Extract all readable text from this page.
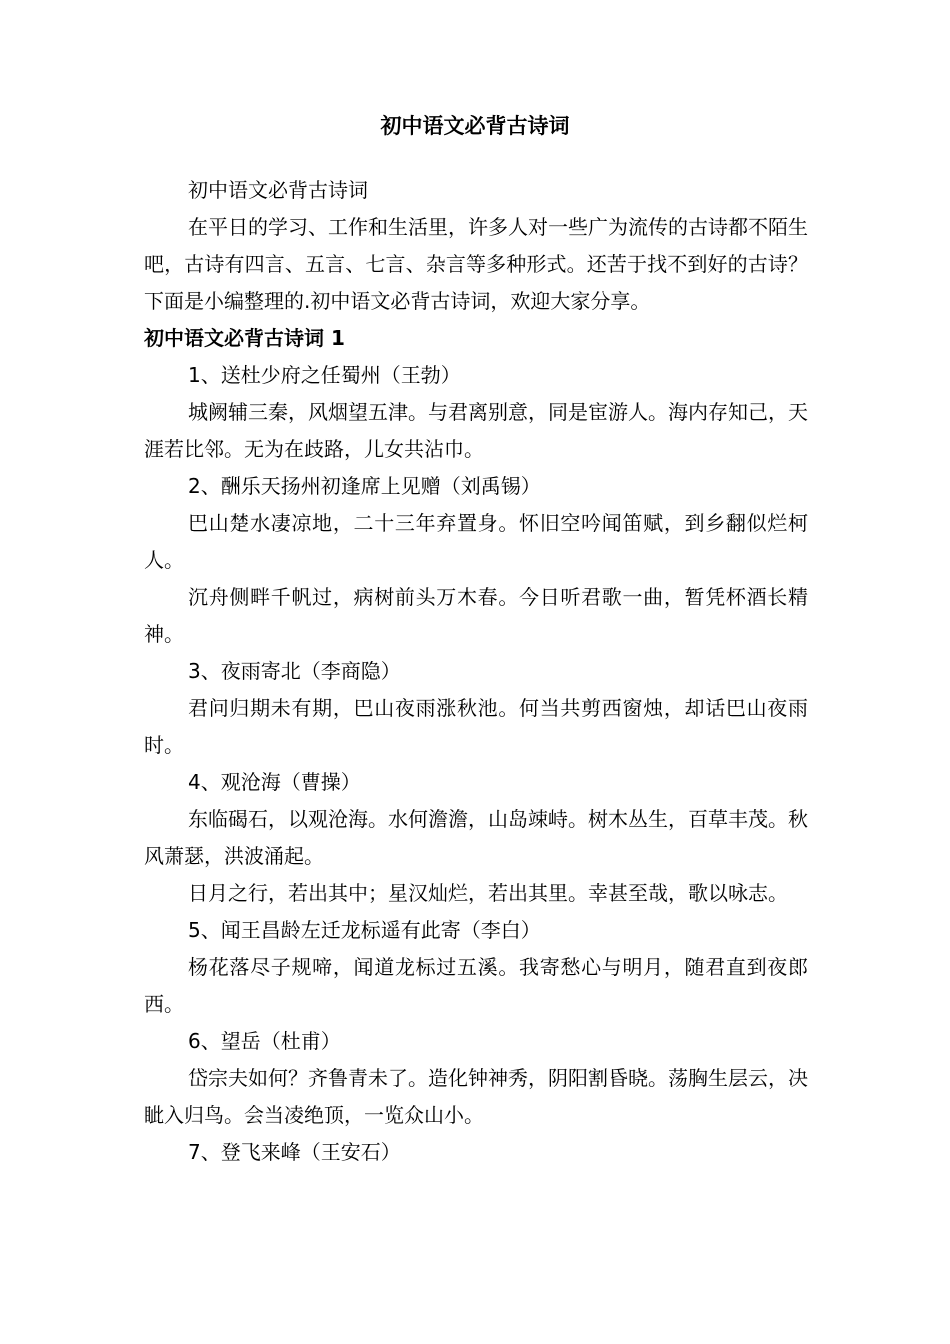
初中语文必背古诗词

初中语文必背古诗词

在平日的学习、工作和生活里，许多人对一些广为流传的古诗都不陌生吧，古诗有四言、五言、七言、杂言等多种形式。还苦于找不到好的古诗？下面是小编整理的.初中语文必背古诗词，欢迎大家分享。

初中语文必背古诗词 1

1、送杜少府之任蜀州（王勃）

城阙辅三秦，风烟望五津。与君离别意，同是宦游人。海内存知己，天涯若比邻。无为在歧路，儿女共沾巾。

2、酬乐天扬州初逢席上见赠（刘禹锡）

巴山楚水凄凉地，二十三年弃置身。怀旧空吟闻笛赋，到乡翻似烂柯人。

沉舟侧畔千帆过，病树前头万木春。今日听君歌一曲，暂凭杯酒长精神。

3、夜雨寄北（李商隐）

君问归期未有期，巴山夜雨涨秋池。何当共剪西窗烛，却话巴山夜雨时。

4、观沧海（曹操）

东临碣石，以观沧海。水何澹澹，山岛竦峙。树木丛生，百草丰茂。秋风萧瑟，洪波涌起。

日月之行，若出其中；星汉灿烂，若出其里。幸甚至哉，歌以咏志。

5、闻王昌龄左迁龙标遥有此寄（李白）

杨花落尽子规啼，闻道龙标过五溪。我寄愁心与明月，随君直到夜郎西。

6、望岳（杜甫）

岱宗夫如何？齐鲁青未了。造化钟神秀，阴阳割昏晓。荡胸生层云，决眦入归鸟。会当凌绝顶，一览众山小。

7、登飞来峰（王安石）
